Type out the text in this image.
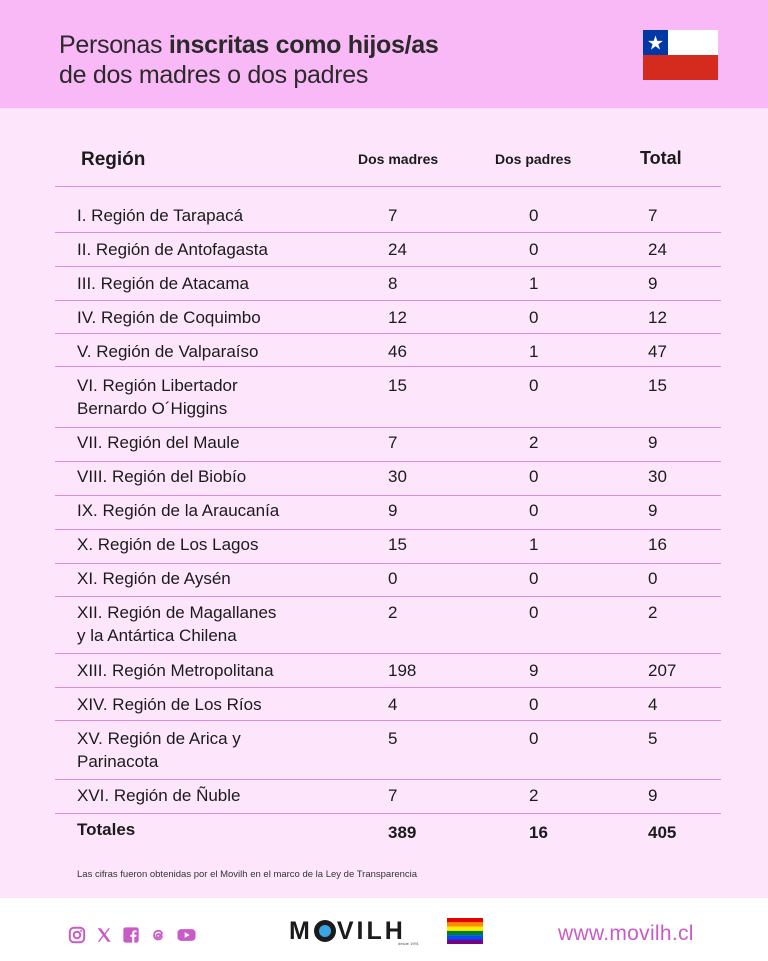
Personas inscritas como hijos/as
de dos madres o dos padres
Región	Dos madres	Dos padres	Total
I. Región de Tarapacá	7	0	7
II. Región de Antofagasta	24	0	24
III. Región de Atacama	8	1	9
IV. Región de Coquimbo	12	0	12
V. Región de Valparaíso	46	1	47
VI. Región Libertador
Bernardo O´Higgins
15	0	15
VII. Región del Maule	7	2	9
VIII. Región del Biobío	30	0	30
IX. Región de la Araucanía	9	0	9
X. Región de Los Lagos	15	1	16
XI. Región de Aysén	0	0	0
XII. Región de Magallanes
y la Antártica Chilena
2	0	2
XIII. Región Metropolitana	198	9	207
XIV. Región de Los Ríos	4	0	4
XV. Región de Arica y
Parinacota
5	0	5
XVI. Región de Ñuble	7	2	9
Totales	389	16	405
Las cifras fueron obtenidas por el Movilh en el marco de la Ley de Transparencia
M VILH
desde 1991	www.movilh.cl
